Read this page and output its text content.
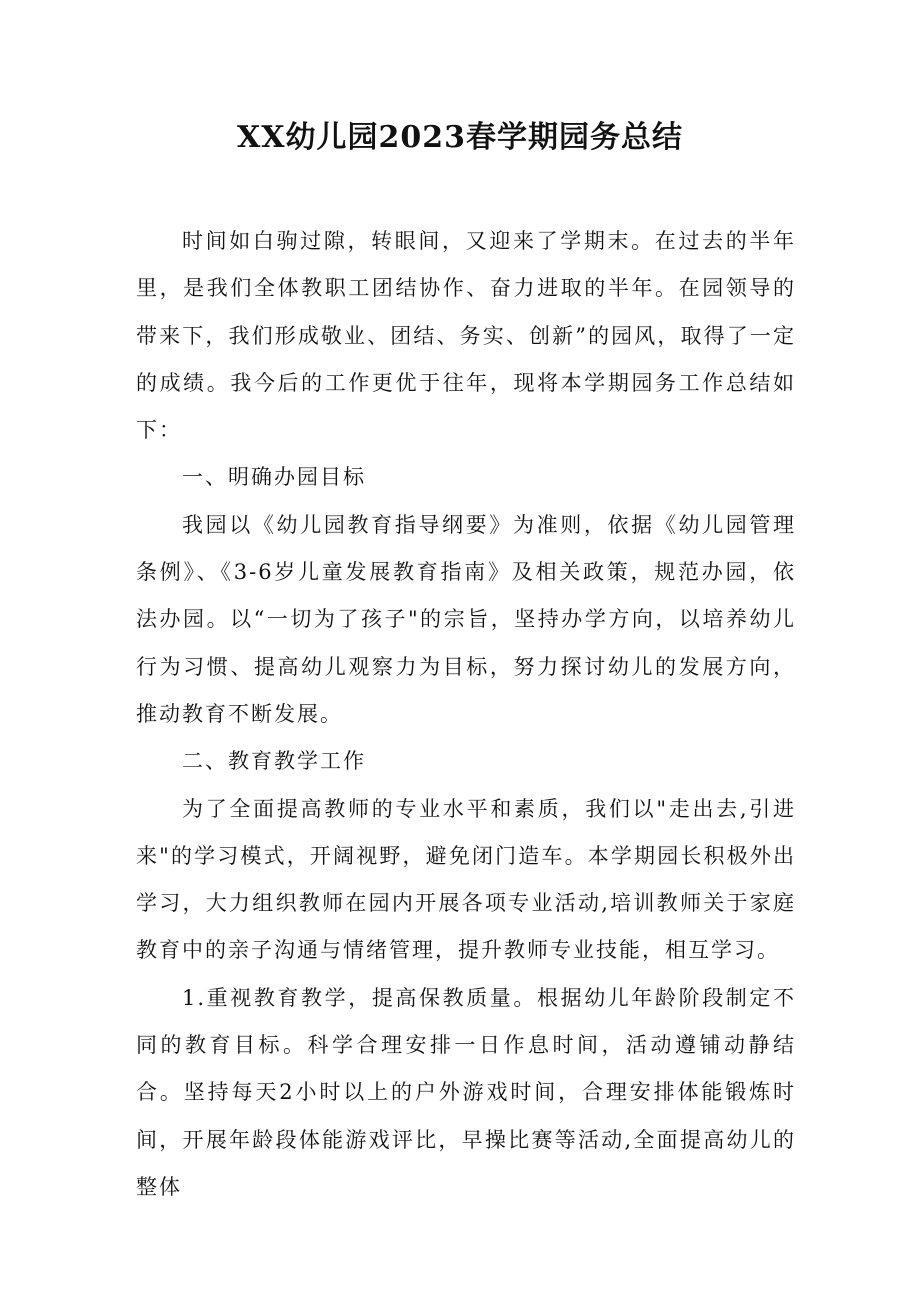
XX幼儿园2023春学期园务总结

时间如白驹过隙，转眼间，又迎来了学期末。在过去的半年里，是我们全体教职工团结协作、奋力进取的半年。在园领导的带来下，我们形成敬业、团结、务实、创新”的园风，取得了一定的成绩。我今后的工作更优于往年，现将本学期园务工作总结如下：

一、明确办园目标

我园以《幼儿园教育指导纲要》为准则，依据《幼儿园管理条例》、《3-6岁儿童发展教育指南》及相关政策，规范办园，依法办园。以“一切为了孩子"的宗旨，坚持办学方向，以培养幼儿行为习惯、提高幼儿观察力为目标，努力探讨幼儿的发展方向，推动教育不断发展。

二、教育教学工作

为了全面提高教师的专业水平和素质，我们以"走出去,引进来"的学习模式，开阔视野，避免闭门造车。本学期园长积极外出学习，大力组织教师在园内开展各项专业活动,培训教师关于家庭教育中的亲子沟通与情绪管理，提升教师专业技能，相互学习。

1.重视教育教学，提高保教质量。根据幼儿年龄阶段制定不同的教育目标。科学合理安排一日作息时间，活动遵铺动静结合。坚持每天2小时以上的户外游戏时间，合理安排体能锻炼时间，开展年龄段体能游戏评比，早操比赛等活动,全面提高幼儿的整体
